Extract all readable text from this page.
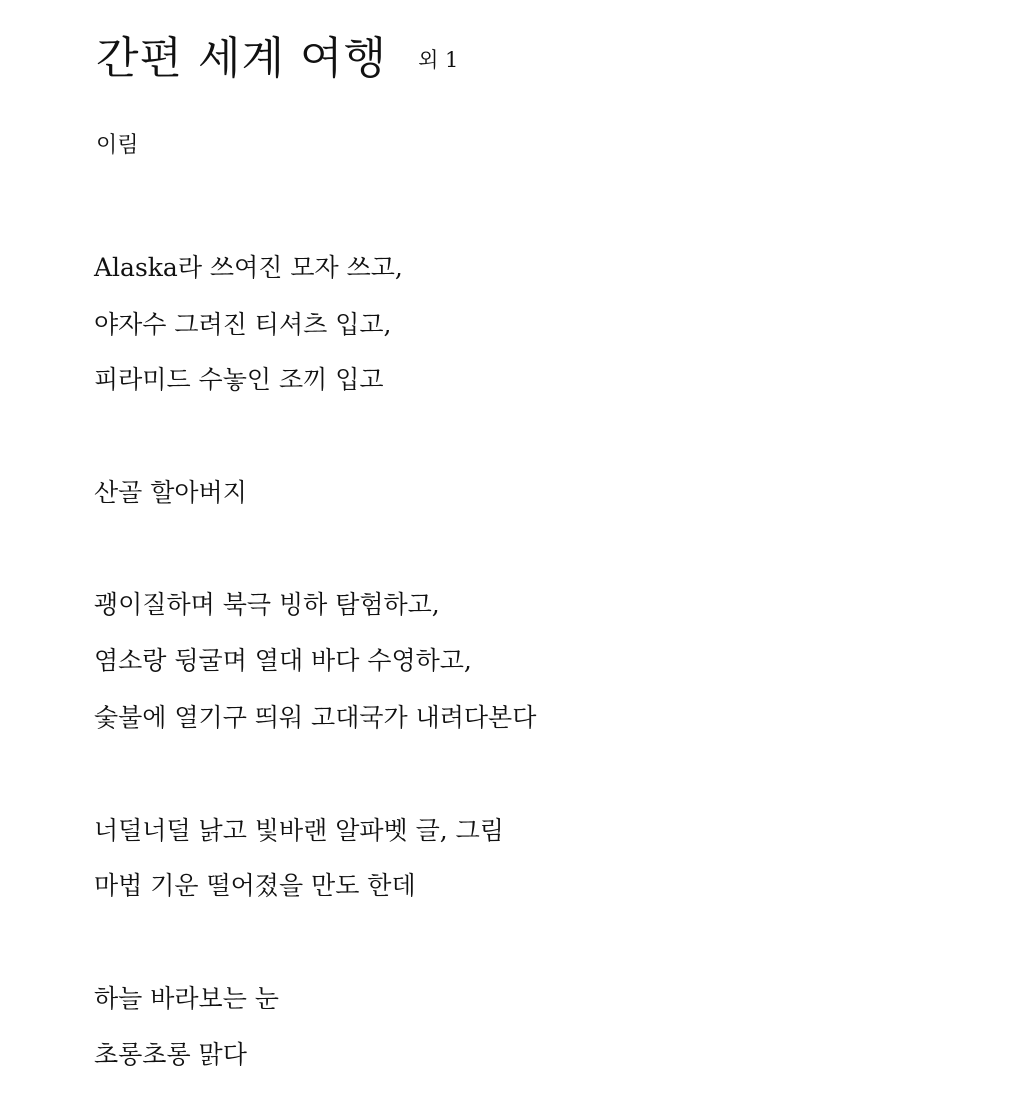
간편 세계 여행 외 1
이림
Alaska라 쓰여진 모자 쓰고,
야자수 그려진 티셔츠 입고,
피라미드 수놓인 조끼 입고
산골 할아버지
괭이질하며 북극 빙하 탐험하고,
염소랑 뒹굴며 열대 바다 수영하고,
숯불에 열기구 띄워 고대국가 내려다본다
너덜너덜 낡고 빛바랜 알파벳 글, 그림
마법 기운 떨어졌을 만도 한데
하늘 바라보는 눈
초롱초롱 맑다
